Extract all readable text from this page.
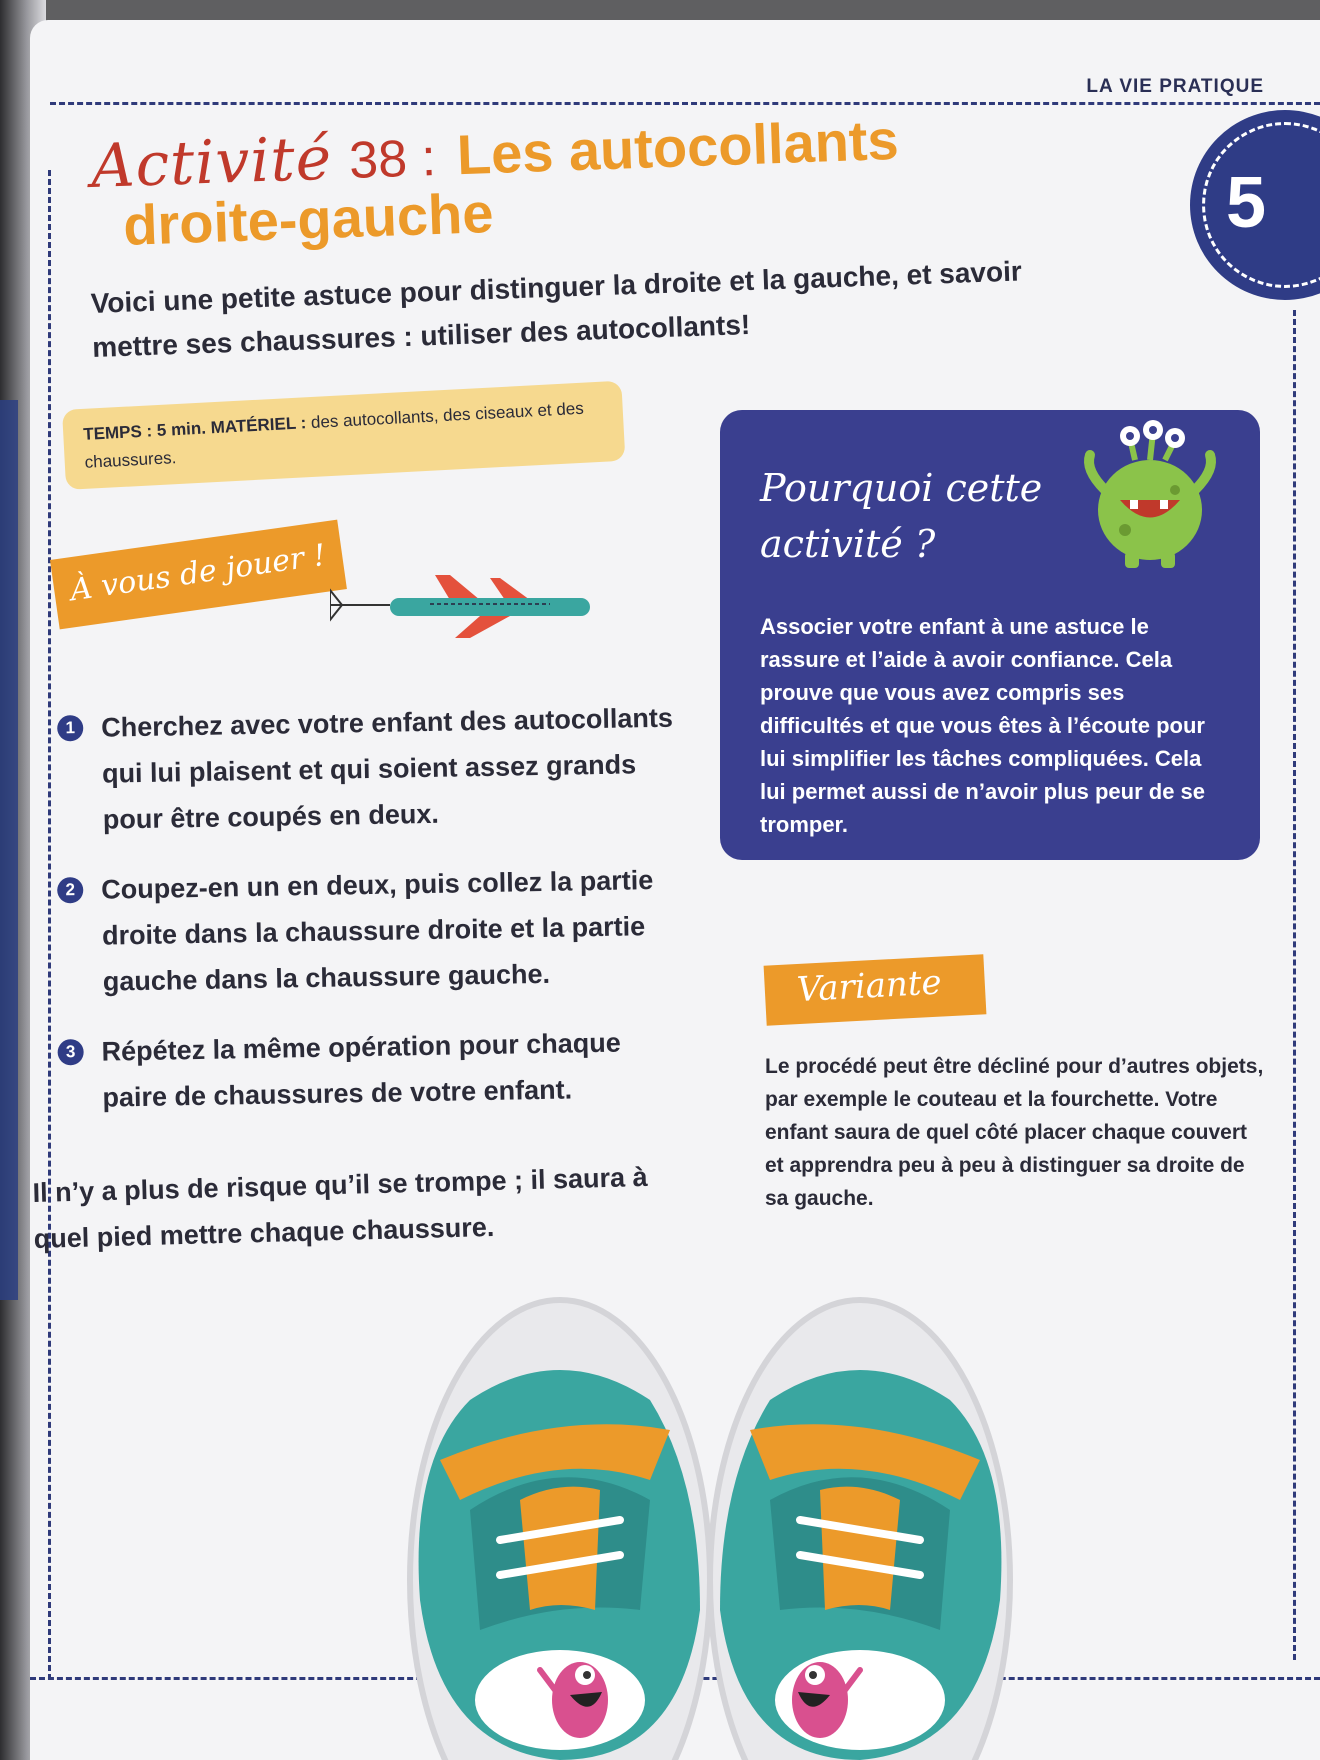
LA VIE PRATIQUE
5
Activité 38 : Les autocollants
droite-gauche
Voici une petite astuce pour distinguer la droite et la gauche, et savoir mettre ses chaussures : utiliser des autocollants!
TEMPS : 5 min. MATÉRIEL : des autocollants, des ciseaux et des chaussures.
À vous de jouer !
1 Cherchez avec votre enfant des autocollants qui lui plaisent et qui soient assez grands pour être coupés en deux.
2 Coupez-en un en deux, puis collez la partie droite dans la chaussure droite et la partie gauche dans la chaussure gauche.
3 Répétez la même opération pour chaque paire de chaussures de votre enfant.
Il n’y a plus de risque qu’il se trompe ; il saura à quel pied mettre chaque chaussure.
Pourquoi cette activité ?
Associer votre enfant à une astuce le rassure et l’aide à avoir confiance. Cela prouve que vous avez compris ses difficultés et que vous êtes à l’écoute pour lui simplifier les tâches compliquées. Cela lui permet aussi de n’avoir plus peur de se tromper.
Variante
Le procédé peut être décliné pour d’autres objets, par exemple le couteau et la fourchette. Votre enfant saura de quel côté placer chaque couvert et apprendra peu à peu à distinguer sa droite de sa gauche.
